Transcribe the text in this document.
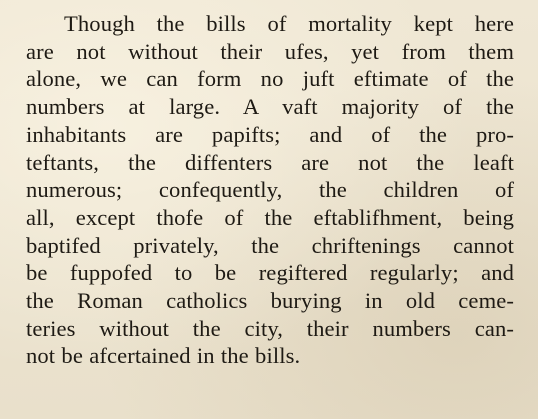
Though the bills of mortality kept here
are not without their ufes, yet from them
alone, we can form no juft eftimate of the
numbers at large. A vaft majority of the
inhabitants are papifts; and of the pro-
teftants, the diffenters are not the leaft
numerous; confequently, the children of
all, except thofe of the eftablifhment, being
baptifed privately, the chriftenings cannot
be fuppofed to be regiftered regularly; and
the Roman catholics burying in old ceme-
teries without the city, their numbers can-
not be afcertained in the bills.
